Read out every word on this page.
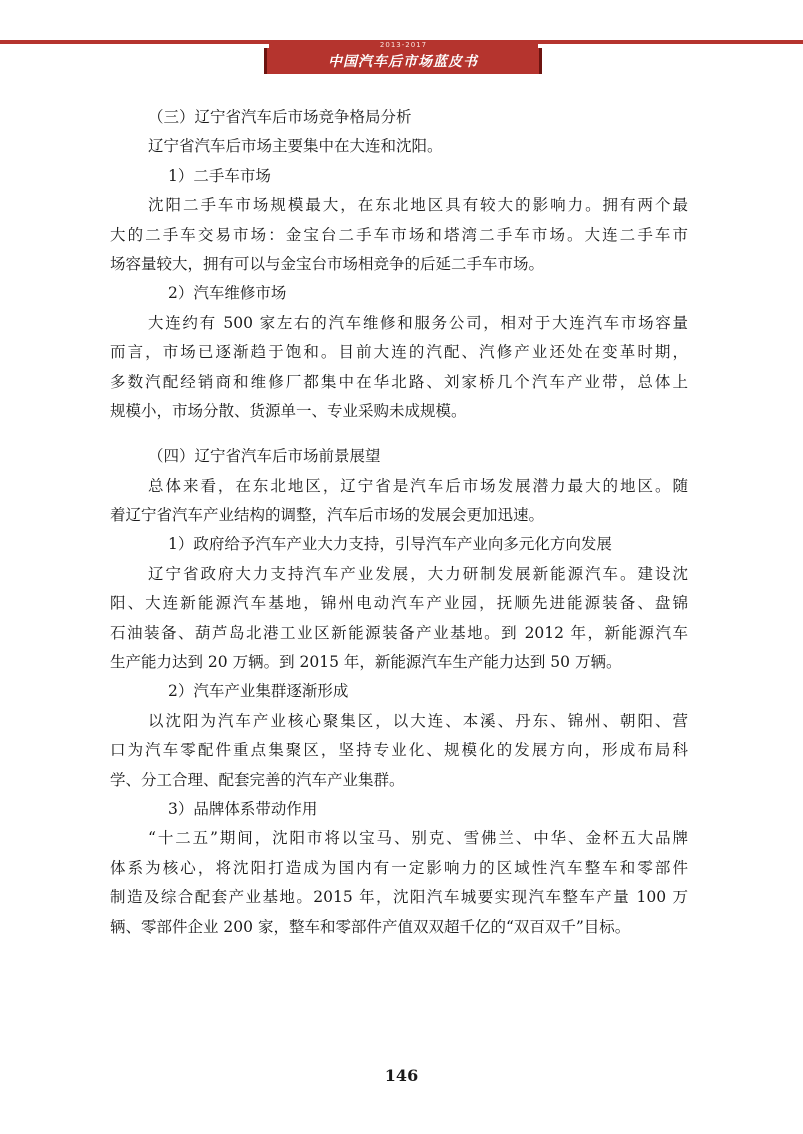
2013-2017
中国汽车后市场蓝皮书
（三）辽宁省汽车后市场竞争格局分析
辽宁省汽车后市场主要集中在大连和沈阳。
1）二手车市场
沈阳二手车市场规模最大，在东北地区具有较大的影响力。拥有两个最
大的二手车交易市场：金宝台二手车市场和塔湾二手车市场。大连二手车市
场容量较大，拥有可以与金宝台市场相竞争的后延二手车市场。
2）汽车维修市场
大连约有 500 家左右的汽车维修和服务公司，相对于大连汽车市场容量
而言，市场已逐渐趋于饱和。目前大连的汽配、汽修产业还处在变革时期，
多数汽配经销商和维修厂都集中在华北路、刘家桥几个汽车产业带，总体上
规模小，市场分散、货源单一、专业采购未成规模。
（四）辽宁省汽车后市场前景展望
总体来看，在东北地区，辽宁省是汽车后市场发展潜力最大的地区。随
着辽宁省汽车产业结构的调整，汽车后市场的发展会更加迅速。
1）政府给予汽车产业大力支持，引导汽车产业向多元化方向发展
辽宁省政府大力支持汽车产业发展，大力研制发展新能源汽车。建设沈
阳、大连新能源汽车基地，锦州电动汽车产业园，抚顺先进能源装备、盘锦
石油装备、葫芦岛北港工业区新能源装备产业基地。到 2012 年，新能源汽车
生产能力达到 20 万辆。到 2015 年，新能源汽车生产能力达到 50 万辆。
2）汽车产业集群逐渐形成
以沈阳为汽车产业核心聚集区，以大连、本溪、丹东、锦州、朝阳、营
口为汽车零配件重点集聚区，坚持专业化、规模化的发展方向，形成布局科
学、分工合理、配套完善的汽车产业集群。
3）品牌体系带动作用
“十二五”期间，沈阳市将以宝马、别克、雪佛兰、中华、金杯五大品牌
体系为核心，将沈阳打造成为国内有一定影响力的区域性汽车整车和零部件
制造及综合配套产业基地。2015 年，沈阳汽车城要实现汽车整车产量 100 万
辆、零部件企业 200 家，整车和零部件产值双双超千亿的“双百双千”目标。
146
